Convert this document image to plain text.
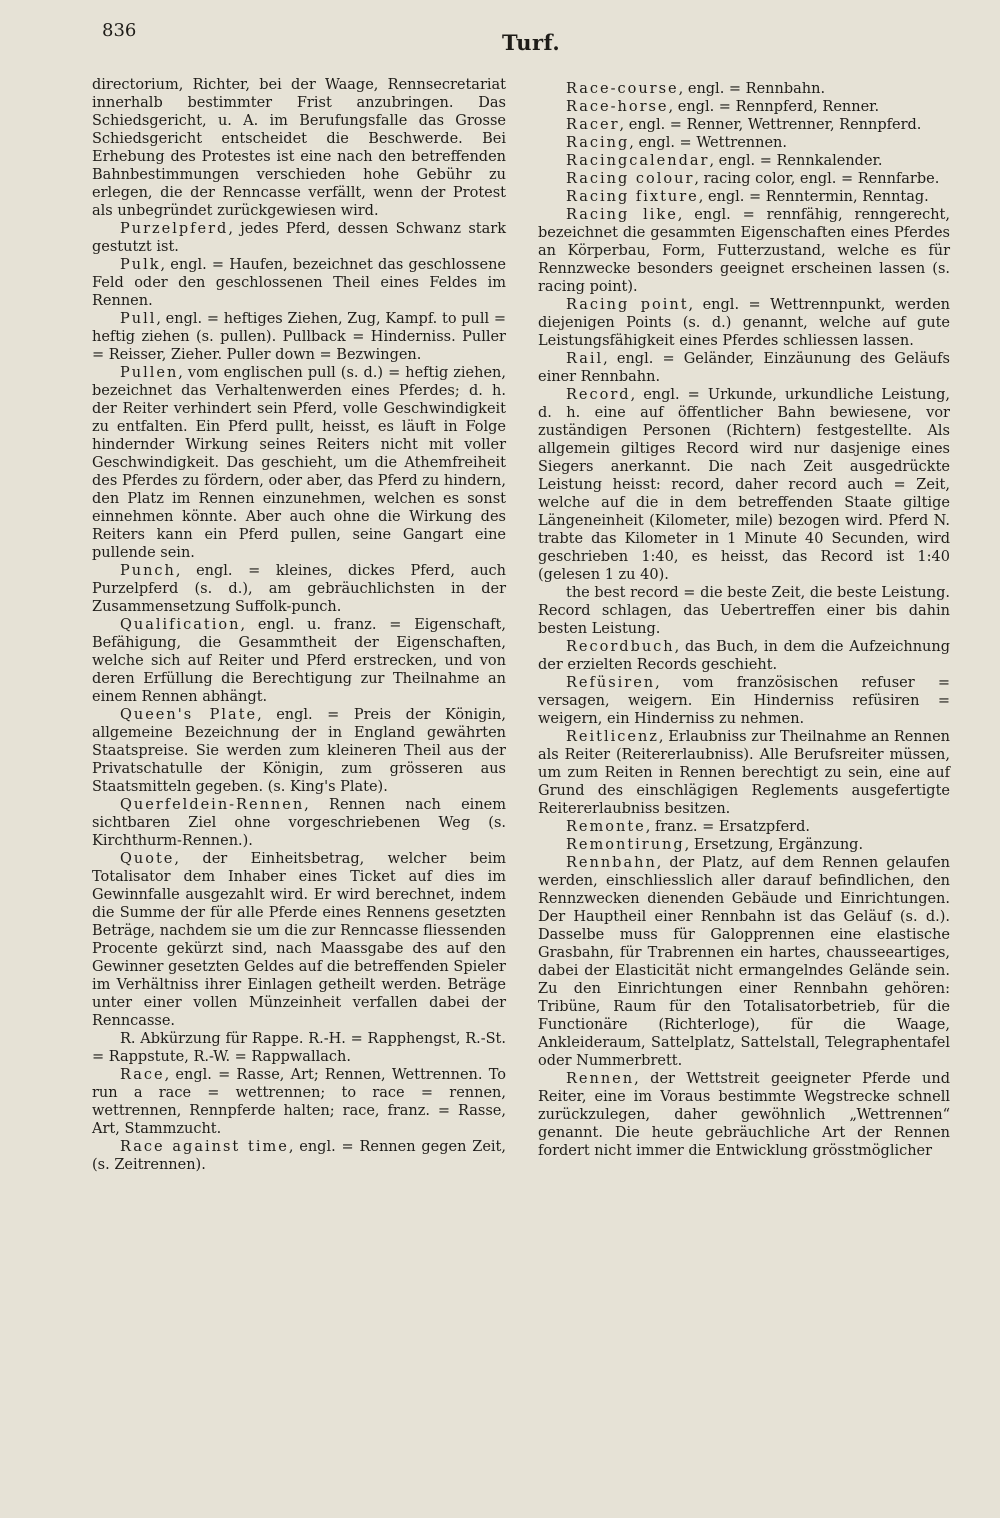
836	Turf.

directorium, Richter, bei der Waage, Rennsecretariat innerhalb bestimmter Frist anzubringen. Das Schiedsgericht, u. A. im Berufungsfalle das Grosse Schiedsgericht entscheidet die Beschwerde. Bei Erhebung des Protestes ist eine nach den betreffenden Bahnbestimmungen verschieden hohe Gebühr zu erlegen, die der Renncasse verfällt, wenn der Protest als unbegründet zurückgewiesen wird.

Purzelpferd, jedes Pferd, dessen Schwanz stark gestutzt ist.

Pulk, engl. = Haufen, bezeichnet das geschlossene Feld oder den geschlossenen Theil eines Feldes im Rennen.

Pull, engl. = heftiges Ziehen, Zug, Kampf. to pull = heftig ziehen (s. pullen). Pullback = Hinderniss. Puller = Reisser, Zieher. Puller down = Bezwingen.

Pullen, vom englischen pull (s. d.) = heftig ziehen, bezeichnet das Verhaltenwerden eines Pferdes; d. h. der Reiter verhindert sein Pferd, volle Geschwindigkeit zu entfalten. Ein Pferd pullt, heisst, es läuft in Folge hindernder Wirkung seines Reiters nicht mit voller Geschwindigkeit. Das geschieht, um die Athemfreiheit des Pferdes zu fördern, oder aber, das Pferd zu hindern, den Platz im Rennen einzunehmen, welchen es sonst einnehmen könnte. Aber auch ohne die Wirkung des Reiters kann ein Pferd pullen, seine Gangart eine pullende sein.

Punch, engl. = kleines, dickes Pferd, auch Purzelpferd (s. d.), am gebräuchlichsten in der Zusammensetzung Suffolk-punch.

Qualification, engl. u. franz. = Eigenschaft, Befähigung, die Gesammtheit der Eigenschaften, welche sich auf Reiter und Pferd erstrecken, und von deren Erfüllung die Berechtigung zur Theilnahme an einem Rennen abhängt.

Queen's Plate, engl. = Preis der Königin, allgemeine Bezeichnung der in England gewährten Staatspreise. Sie werden zum kleineren Theil aus der Privatschatulle der Königin, zum grösseren aus Staatsmitteln gegeben. (s. King's Plate).

Querfeldein-Rennen, Rennen nach einem sichtbaren Ziel ohne vorgeschriebenen Weg (s. Kirchthurm-Rennen.).

Quote, der Einheitsbetrag, welcher beim Totalisator dem Inhaber eines Ticket auf dies im Gewinnfalle ausgezahlt wird. Er wird berechnet, indem die Summe der für alle Pferde eines Rennens gesetzten Beträge, nachdem sie um die zur Renncasse fliessenden Procente gekürzt sind, nach Maassgabe des auf den Gewinner gesetzten Geldes auf die betreffenden Spieler im Verhältniss ihrer Einlagen getheilt werden. Beträge unter einer vollen Münzeinheit verfallen dabei der Renncasse.

R. Abkürzung für Rappe. R.-H. = Rapphengst, R.-St. = Rappstute, R.-W. = Rappwallach.

Race, engl. = Rasse, Art; Rennen, Wettrennen. To run a race = wettrennen; to race = rennen, wettrennen, Rennpferde halten; race, franz. = Rasse, Art, Stammzucht.

Race against time, engl. = Rennen gegen Zeit, (s. Zeitrennen).

Race-course, engl. = Rennbahn.

Race-horse, engl. = Rennpferd, Renner.

Racer, engl. = Renner, Wettrenner, Rennpferd.

Racing, engl. = Wettrennen.

Racingcalendar, engl. = Rennkalender.

Racing colour, racing color, engl. = Rennfarbe.

Racing fixture, engl. = Renntermin, Renntag.

Racing like, engl. = rennfähig, renngerecht, bezeichnet die gesammten Eigenschaften eines Pferdes an Körperbau, Form, Futterzustand, welche es für Rennzwecke besonders geeignet erscheinen lassen (s. racing point).

Racing point, engl. = Wettrennpunkt, werden diejenigen Points (s. d.) genannt, welche auf gute Leistungsfähigkeit eines Pferdes schliessen lassen.

Rail, engl. = Geländer, Einzäunung des Geläufs einer Rennbahn.

Record, engl. = Urkunde, urkundliche Leistung, d. h. eine auf öffentlicher Bahn bewiesene, vor zuständigen Personen (Richtern) festgestellte. Als allgemein giltiges Record wird nur dasjenige eines Siegers anerkannt. Die nach Zeit ausgedrückte Leistung heisst: record, daher record auch = Zeit, welche auf die in dem betreffenden Staate giltige Längeneinheit (Kilometer, mile) bezogen wird. Pferd N. trabte das Kilometer in 1 Minute 40 Secunden, wird geschrieben 1:40, es heisst, das Record ist 1:40 (gelesen 1 zu 40).

the best record = die beste Zeit, die beste Leistung. Record schlagen, das Uebertreffen einer bis dahin besten Leistung.

Recordbuch, das Buch, in dem die Aufzeichnung der erzielten Records geschieht.

Refüsiren, vom französischen refuser = versagen, weigern. Ein Hinderniss refüsiren = weigern, ein Hinderniss zu nehmen.

Reitlicenz, Erlaubniss zur Theilnahme an Rennen als Reiter (Reitererlaubniss). Alle Berufsreiter müssen, um zum Reiten in Rennen berechtigt zu sein, eine auf Grund des einschlägigen Reglements ausgefertigte Reitererlaubniss besitzen.

Remonte, franz. = Ersatzpferd.

Remontirung, Ersetzung, Ergänzung.

Rennbahn, der Platz, auf dem Rennen gelaufen werden, einschliesslich aller darauf befindlichen, den Rennzwecken dienenden Gebäude und Einrichtungen. Der Hauptheil einer Rennbahn ist das Geläuf (s. d.). Dasselbe muss für Galopprennen eine elastische Grasbahn, für Trabrennen ein hartes, chausseeartiges, dabei der Elasticität nicht ermangelndes Gelände sein. Zu den Einrichtungen einer Rennbahn gehören: Tribüne, Raum für den Totalisatorbetrieb, für die Functionäre (Richterloge), für die Waage, Ankleideraum, Sattelplatz, Sattelstall, Telegraphentafel oder Nummerbrett.

Rennen, der Wettstreit geeigneter Pferde und Reiter, eine im Voraus bestimmte Wegstrecke schnell zurückzulegen, daher gewöhnlich „Wettrennen“ genannt. Die heute gebräuchliche Art der Rennen fordert nicht immer die Entwicklung grösstmöglicher
